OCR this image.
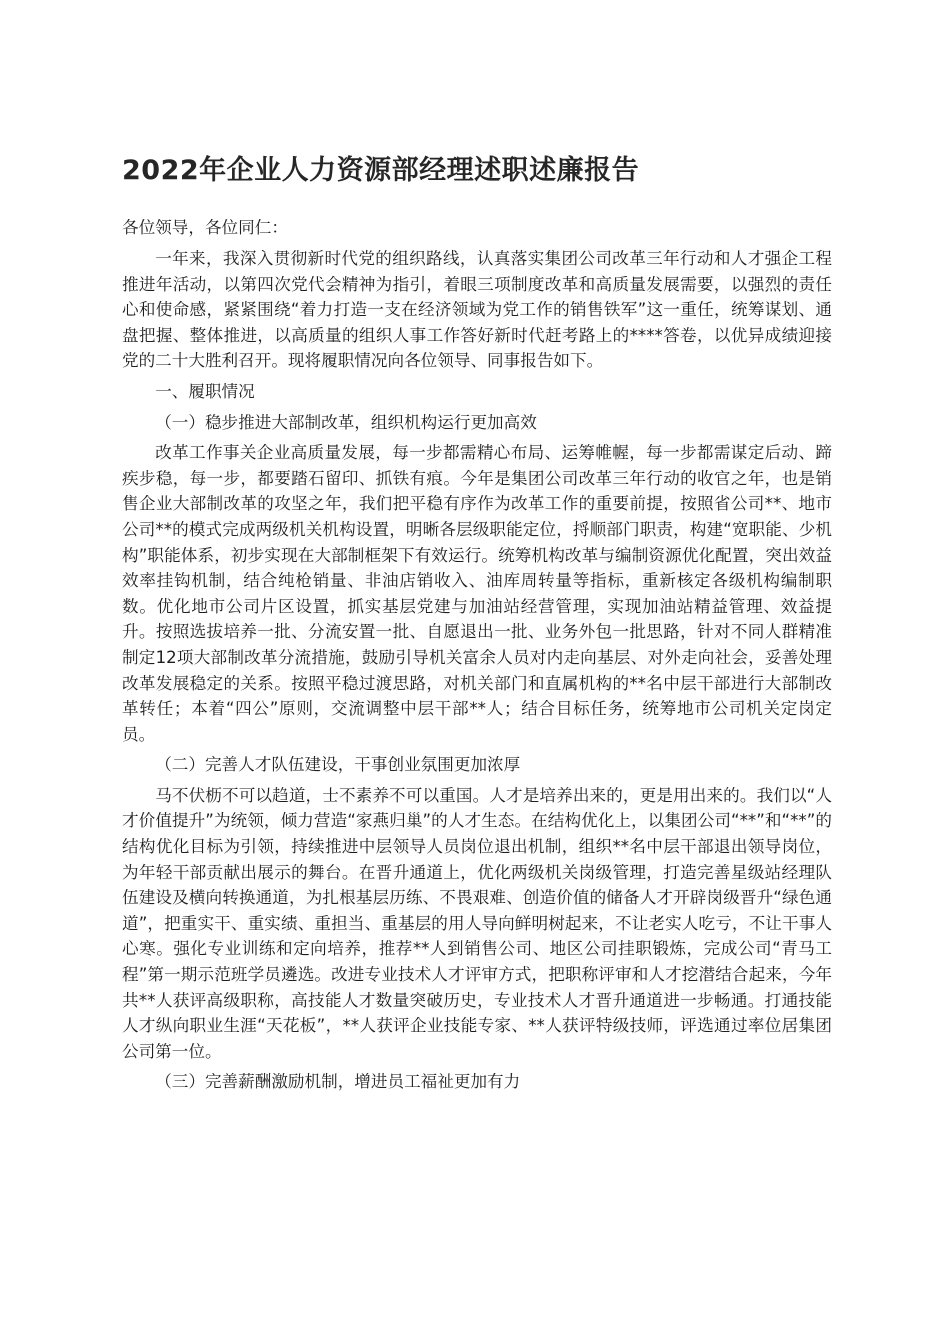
2022年企业人力资源部经理述职述廉报告

各位领导，各位同仁：

一年来，我深入贯彻新时代党的组织路线，认真落实集团公司改革三年行动和人才强企工程推进年活动，以第四次党代会精神为指引，着眼三项制度改革和高质量发展需要，以强烈的责任心和使命感，紧紧围绕“着力打造一支在经济领域为党工作的销售铁军”这一重任，统筹谋划、通盘把握、整体推进，以高质量的组织人事工作答好新时代赶考路上的****答卷，以优异成绩迎接党的二十大胜利召开。现将履职情况向各位领导、同事报告如下。

一、履职情况

（一）稳步推进大部制改革，组织机构运行更加高效

改革工作事关企业高质量发展，每一步都需精心布局、运筹帷幄，每一步都需谋定后动、蹄疾步稳，每一步，都要踏石留印、抓铁有痕。今年是集团公司改革三年行动的收官之年，也是销售企业大部制改革的攻坚之年，我们把平稳有序作为改革工作的重要前提，按照省公司**、地市公司**的模式完成两级机关机构设置，明晰各层级职能定位，捋顺部门职责，构建“宽职能、少机构”职能体系，初步实现在大部制框架下有效运行。统筹机构改革与编制资源优化配置，突出效益效率挂钩机制，结合纯枪销量、非油店销收入、油库周转量等指标，重新核定各级机构编制职数。优化地市公司片区设置，抓实基层党建与加油站经营管理，实现加油站精益管理、效益提升。按照选拔培养一批、分流安置一批、自愿退出一批、业务外包一批思路，针对不同人群精准制定12项大部制改革分流措施，鼓励引导机关富余人员对内走向基层、对外走向社会，妥善处理改革发展稳定的关系。按照平稳过渡思路，对机关部门和直属机构的**名中层干部进行大部制改革转任；本着“四公”原则，交流调整中层干部**人；结合目标任务，统筹地市公司机关定岗定员。

（二）完善人才队伍建设，干事创业氛围更加浓厚

马不伏枥不可以趋道，士不素养不可以重国。人才是培养出来的，更是用出来的。我们以“人才价值提升”为统领，倾力营造“家燕归巢”的人才生态。在结构优化上，以集团公司“**”和“**”的结构优化目标为引领，持续推进中层领导人员岗位退出机制，组织**名中层干部退出领导岗位，为年轻干部贡献出展示的舞台。在晋升通道上，优化两级机关岗级管理，打造完善星级站经理队伍建设及横向转换通道，为扎根基层历练、不畏艰难、创造价值的储备人才开辟岗级晋升“绿色通道”，把重实干、重实绩、重担当、重基层的用人导向鲜明树起来，不让老实人吃亏，不让干事人心寒。强化专业训练和定向培养，推荐**人到销售公司、地区公司挂职锻炼，完成公司“青马工程”第一期示范班学员遴选。改进专业技术人才评审方式，把职称评审和人才挖潜结合起来，今年共**人获评高级职称，高技能人才数量突破历史，专业技术人才晋升通道进一步畅通。打通技能人才纵向职业生涯“天花板”，**人获评企业技能专家、**人获评特级技师，评选通过率位居集团公司第一位。

（三）完善薪酬激励机制，增进员工福祉更加有力
